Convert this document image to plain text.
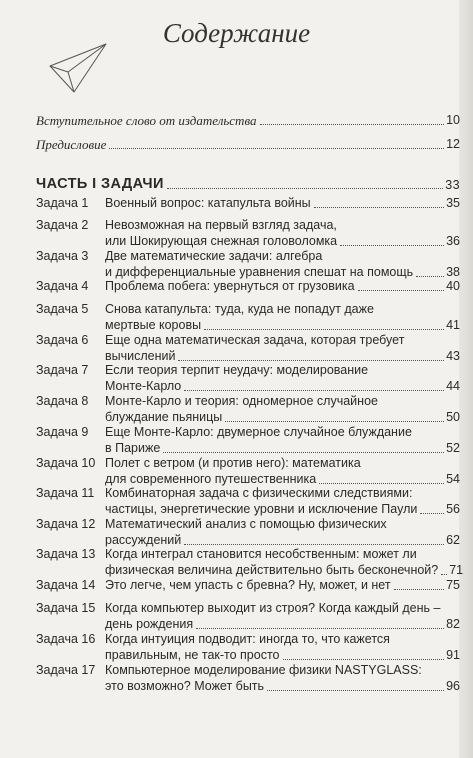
Содержание
Вступительное слово от издательства	10
Предисловие	12
ЧАСТЬ I ЗАДАЧИ	33
Задача 1	Военный вопрос: катапульта войны	35
Задача 2	Невозможная на первый взгляд задача,
или Шокирующая снежная головоломка	36
Задача 3	Две математические задачи: алгебра
и дифференциальные уравнения спешат на помощь	38
Задача 4	Проблема побега: увернуться от грузовика	40
Задача 5	Снова катапульта: туда, куда не попадут даже
мертвые коровы	41
Задача 6	Еще одна математическая задача, которая требует
вычислений	43
Задача 7	Если теория терпит неудачу: моделирование
Монте-Карло	44
Задача 8	Монте-Карло и теория: одномерное случайное
блуждание пьяницы	50
Задача 9	Еще Монте-Карло: двумерное случайное блуждание
в Париже	52
Задача 10 Полет с ветром (и против него): математика
для современного путешественника	54
Задача 11 Комбинаторная задача с физическими следствиями:
частицы, энергетические уровни и исключение Паули 56
Задача 12 Математический анализ с помощью физических
рассуждений	62
Задача 13 Когда интеграл становится несобственным: может ли
физическая величина действительно быть бесконечной? 71
Задача 14 Это легче, чем упасть с бревна? Ну, может, и нет	75
Задача 15 Когда компьютер выходит из строя? Когда каждый день –
день рождения	82
Задача 16 Когда интуиция подводит: иногда то, что кажется
правильным, не так-то просто	91
Задача 17 Компьютерное моделирование физики NASTYGLASS:
это возможно? Может быть	96
